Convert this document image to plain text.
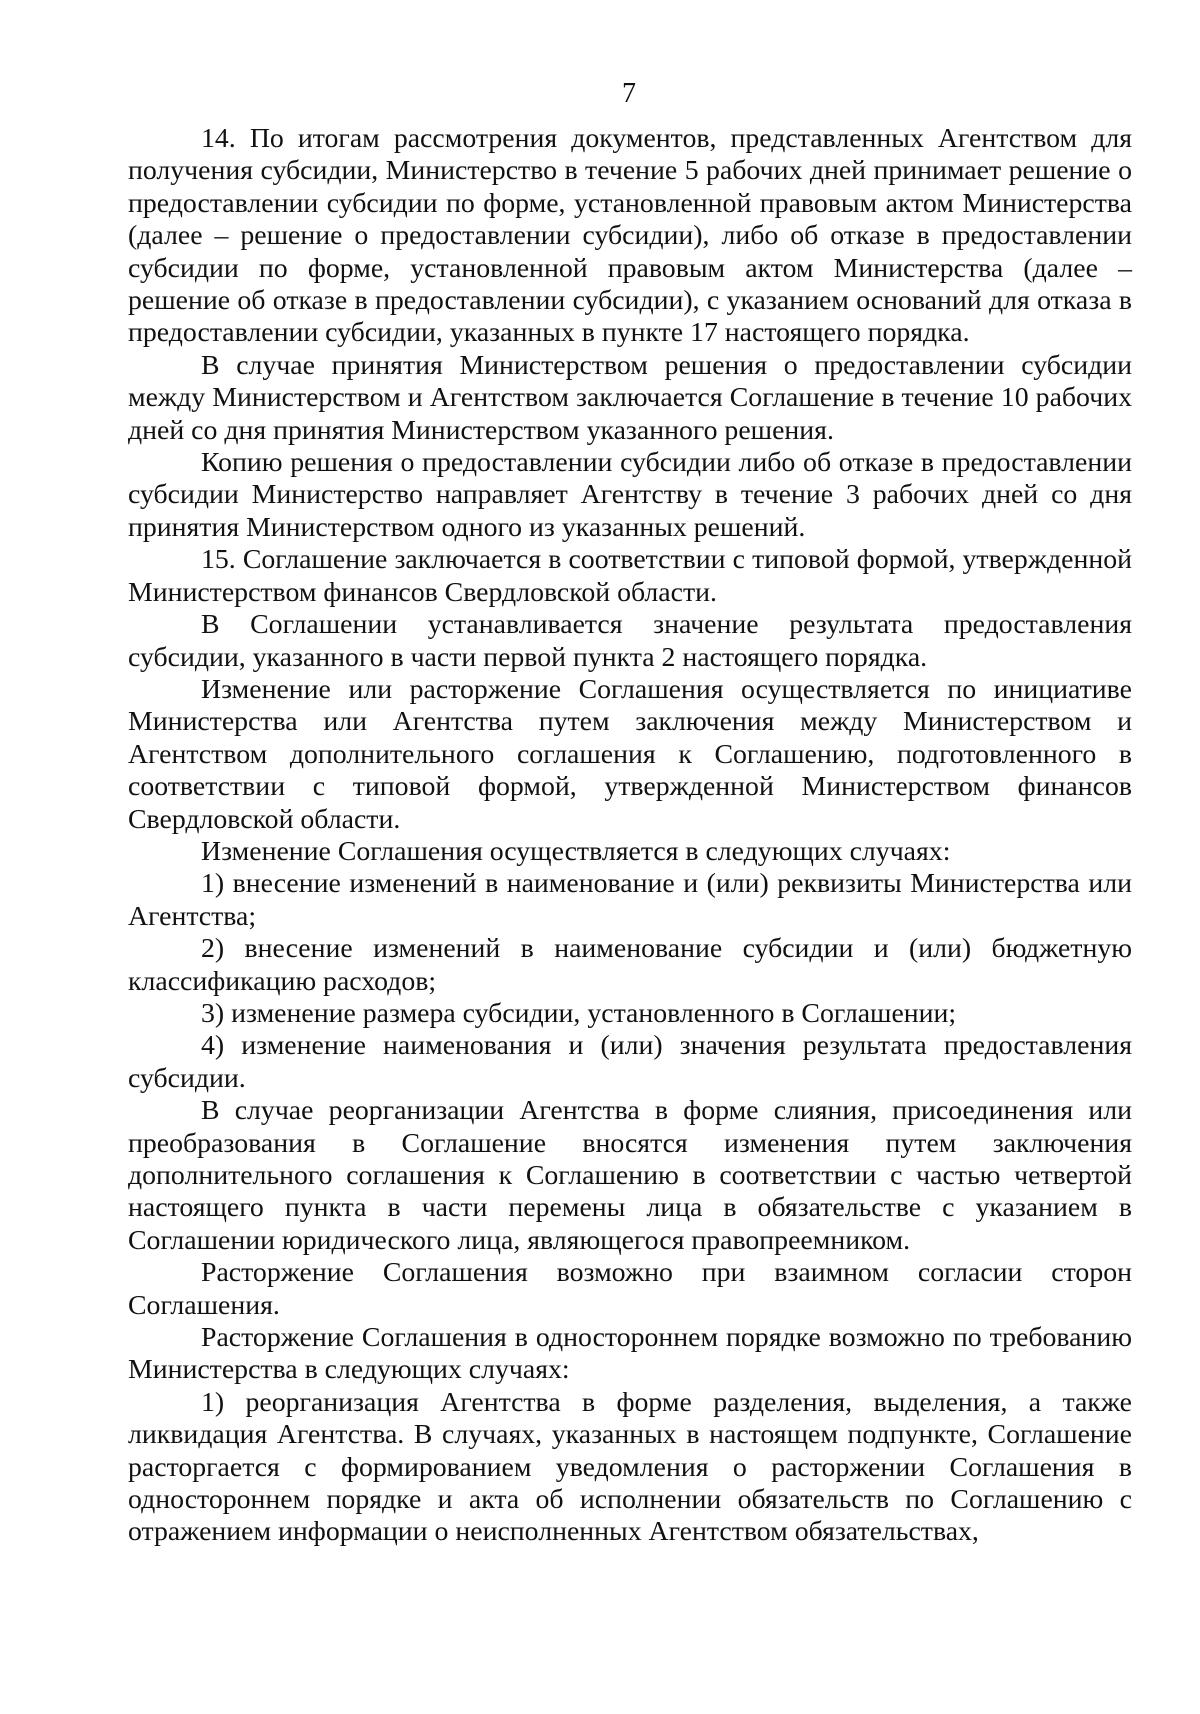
7

14. По итогам рассмотрения документов, представленных Агентством для получения субсидии, Министерство в течение 5 рабочих дней принимает решение о предоставлении субсидии по форме, установленной правовым актом Министерства (далее – решение о предоставлении субсидии), либо об отказе в предоставлении субсидии по форме, установленной правовым актом Министерства (далее – решение об отказе в предоставлении субсидии), с указанием оснований для отказа в предоставлении субсидии, указанных в пункте 17 настоящего порядка.

В случае принятия Министерством решения о предоставлении субсидии между Министерством и Агентством заключается Соглашение в течение 10 рабочих дней со дня принятия Министерством указанного решения.

Копию решения о предоставлении субсидии либо об отказе в предоставлении субсидии Министерство направляет Агентству в течение 3 рабочих дней со дня принятия Министерством одного из указанных решений.

15. Соглашение заключается в соответствии с типовой формой, утвержденной Министерством финансов Свердловской области.

В Соглашении устанавливается значение результата предоставления субсидии, указанного в части первой пункта 2 настоящего порядка.

Изменение или расторжение Соглашения осуществляется по инициативе Министерства или Агентства путем заключения между Министерством и Агентством дополнительного соглашения к Соглашению, подготовленного в соответствии с типовой формой, утвержденной Министерством финансов Свердловской области.

Изменение Соглашения осуществляется в следующих случаях:

1) внесение изменений в наименование и (или) реквизиты Министерства или Агентства;

2) внесение изменений в наименование субсидии и (или) бюджетную классификацию расходов;

3) изменение размера субсидии, установленного в Соглашении;

4) изменение наименования и (или) значения результата предоставления субсидии.

В случае реорганизации Агентства в форме слияния, присоединения или преобразования в Соглашение вносятся изменения путем заключения дополнительного соглашения к Соглашению в соответствии с частью четвертой настоящего пункта в части перемены лица в обязательстве с указанием в Соглашении юридического лица, являющегося правопреемником.

Расторжение Соглашения возможно при взаимном согласии сторон Соглашения.

Расторжение Соглашения в одностороннем порядке возможно по требованию Министерства в следующих случаях:

1) реорганизация Агентства в форме разделения, выделения, а также ликвидация Агентства. В случаях, указанных в настоящем подпункте, Соглашение расторгается с формированием уведомления о расторжении Соглашения в одностороннем порядке и акта об исполнении обязательств по Соглашению с отражением информации о неисполненных Агентством обязательствах,
